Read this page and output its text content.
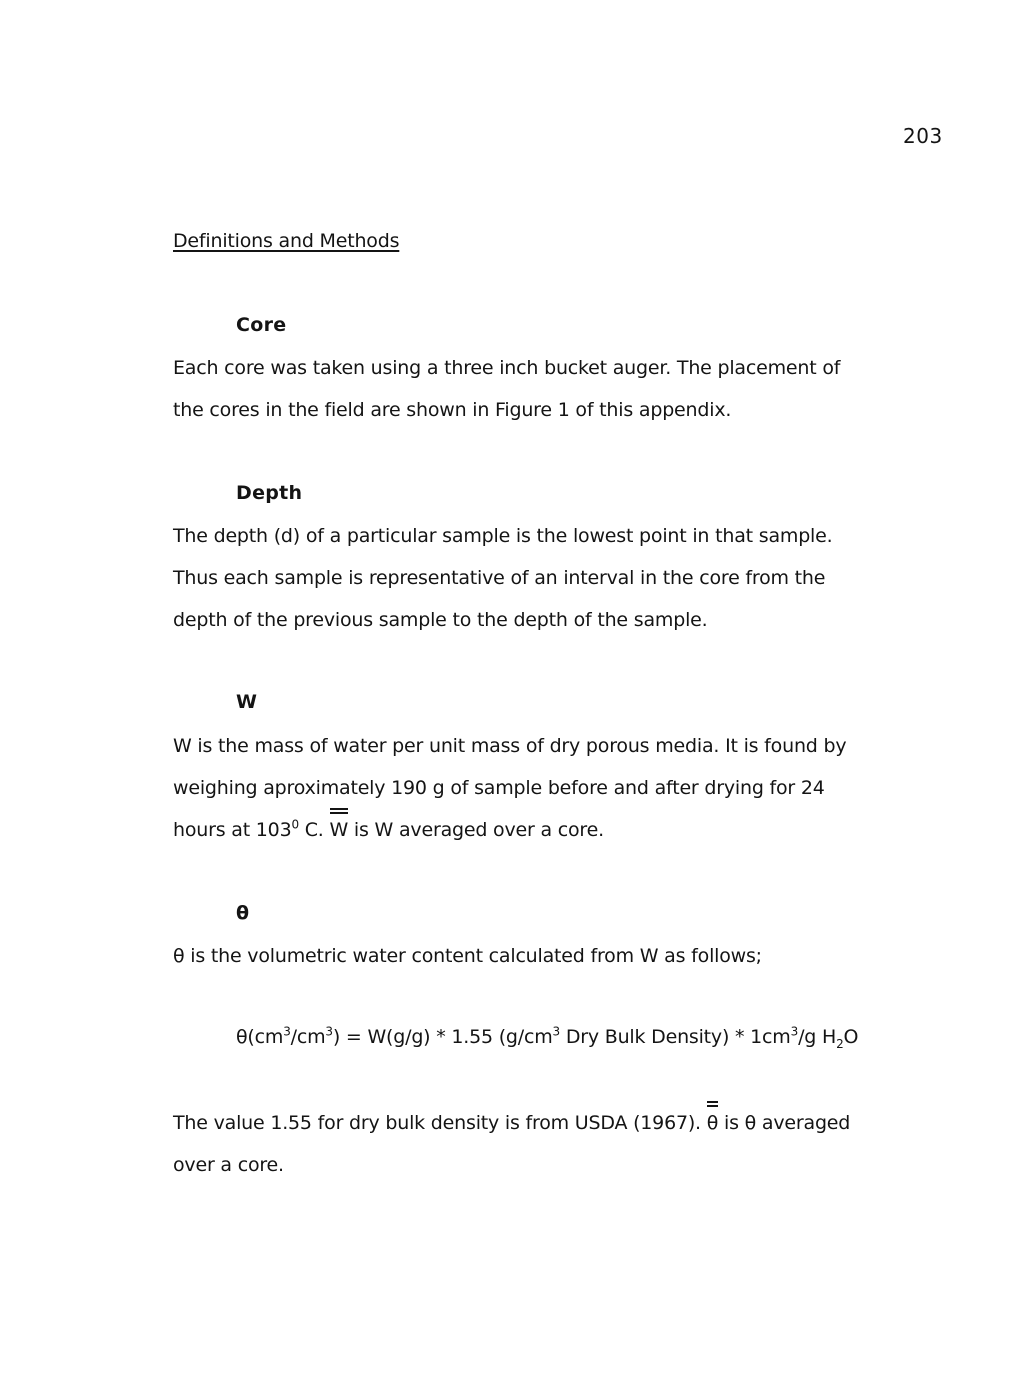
203
Definitions and Methods
Core
Each core was taken using a three inch bucket auger. The placement of
the cores in the field are shown in Figure 1 of this appendix.
Depth
The depth (d) of a particular sample is the lowest point in that sample.
Thus each sample is representative of an interval in the core from the
depth of the previous sample to the depth of the sample.
W
W is the mass of water per unit mass of dry porous media. It is found by
weighing aproximately 190 g of sample before and after drying for 24
hours at $103^0$ C. W is W averaged over a core.
θ
θ is the volumetric water content calculated from W as follows;
$\theta(cm^3/cm^3) = W(g/g) * 1.55$ ($g/cm^3$ Dry Bulk Density) * $1cm^3/g$ $H_2O$
The value 1.55 for dry bulk density is from USDA (1967). θ is θ averaged
over a core.
